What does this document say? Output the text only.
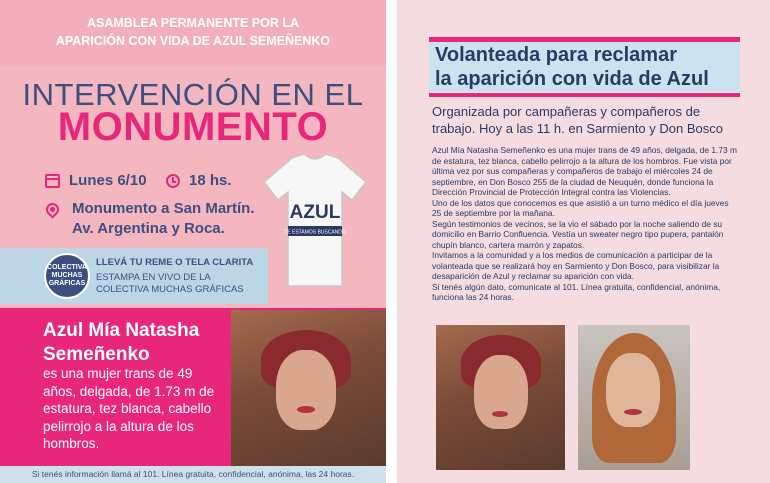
ASAMBLEA PERMANENTE POR LA
APARICIÓN CON VIDA DE AZUL SEMEÑENKO
INTERVENCIÓN EN EL
MONUMENTO
Lunes 6/10	18 hs.
Monumento a San Martín.
Av. Argentina y Roca.
AZUL
TE ESTAMOS BUSCANDO
COLECTIVA MUCHAS GRÁFICAS
LLEVÁ TU REME O TELA CLARITA
ESTAMPA EN VIVO DE LA
COLECTIVA MUCHAS GRÁFICAS
Azul Mía Natasha
Semeñenko
es una mujer trans de 49 años, delgada, de 1.73 m de estatura, tez blanca, cabello pelirrojo a la altura de los hombros.
Si tenés información llamá al 101. Línea gratuita, confidencial, anónima, las 24 horas.
Volanteada para reclamar
la aparición con vida de Azul
Organizada por campañeras y compañeros de
trabajo. Hoy a las 11 h. en Sarmiento y Don Bosco

Azul Mía Natasha Semeñenko es una mujer trans de 49 años, delgada, de 1.73 m de estatura, tez blanca, cabello pelirrojo a la altura de los hombros. Fue vista por última vez por sus compañeras y compañeros de trabajo el miércoles 24 de septiembre, en Don Bosco 255 de la ciudad de Neuquén, donde funciona la Dirección Provincial de Protección Integral contra las Violencias.

Uno de los datos que conocemos es que asistió a un turno médico el día jueves 25 de septiembre por la mañana.

Según testimonios de vecinos, se la vio el sábado por la noche saliendo de su domicilio en Barrio Confluencia. Vestía un sweater negro tipo pupera, pantalón chupín blanco, cartera marrón y zapatos.

Invitamos a la comunidad y a los medios de comunicación a participar de la volanteada que se realizará hoy en Sarmiento y Don Bosco, para visibilizar la desaparición de Azul y reclamar su aparición con vida.

Si tenés algún dato, comunicate al 101. Línea gratuita, confidencial, anónima, funciona las 24 horas.
